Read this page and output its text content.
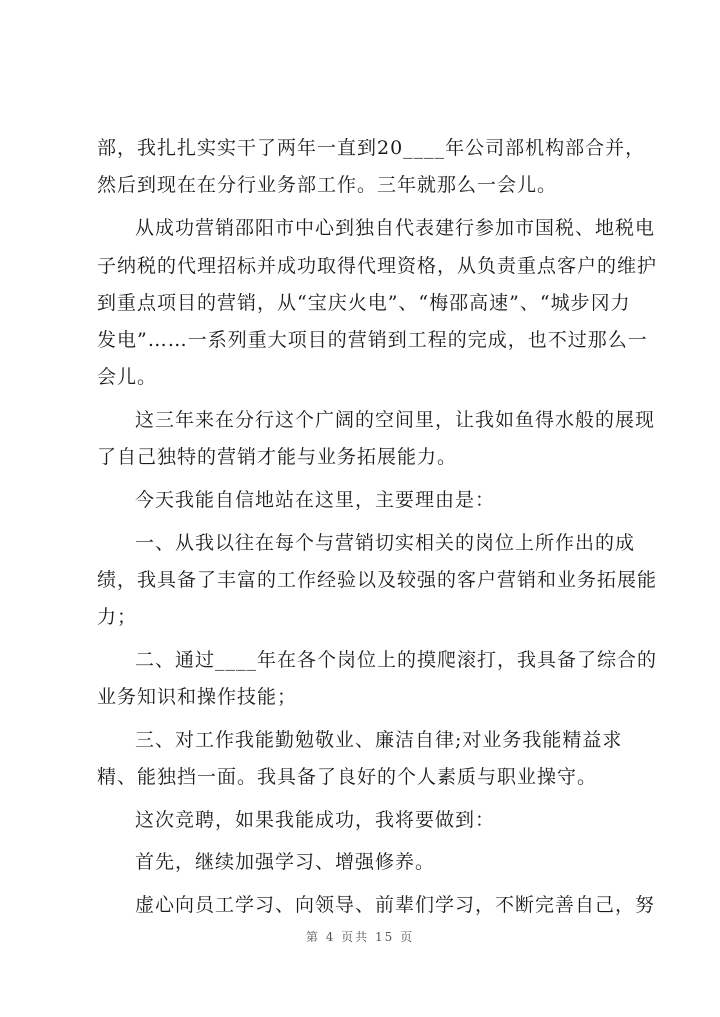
部，我扎扎实实干了两年一直到20____年公司部机构部合并，
然后到现在在分行业务部工作。三年就那么一会儿。
从成功营销邵阳市中心到独自代表建行参加市国税、地税电
子纳税的代理招标并成功取得代理资格，从负责重点客户的维护
到重点项目的营销，从“宝庆火电”、“梅邵高速”、“城步冈力
发电”……一系列重大项目的营销到工程的完成，也不过那么一
会儿。
这三年来在分行这个广阔的空间里，让我如鱼得水般的展现
了自己独特的营销才能与业务拓展能力。
今天我能自信地站在这里，主要理由是：
一、从我以往在每个与营销切实相关的岗位上所作出的成
绩，我具备了丰富的工作经验以及较强的客户营销和业务拓展能
力；
二、通过____年在各个岗位上的摸爬滚打，我具备了综合的
业务知识和操作技能；
三、对工作我能勤勉敬业、廉洁自律;对业务我能精益求
精、能独挡一面。我具备了良好的个人素质与职业操守。
这次竞聘，如果我能成功，我将要做到：
首先，继续加强学习、增强修养。
虚心向员工学习、向领导、前辈们学习，不断完善自己，努
第 4 页共 15 页
